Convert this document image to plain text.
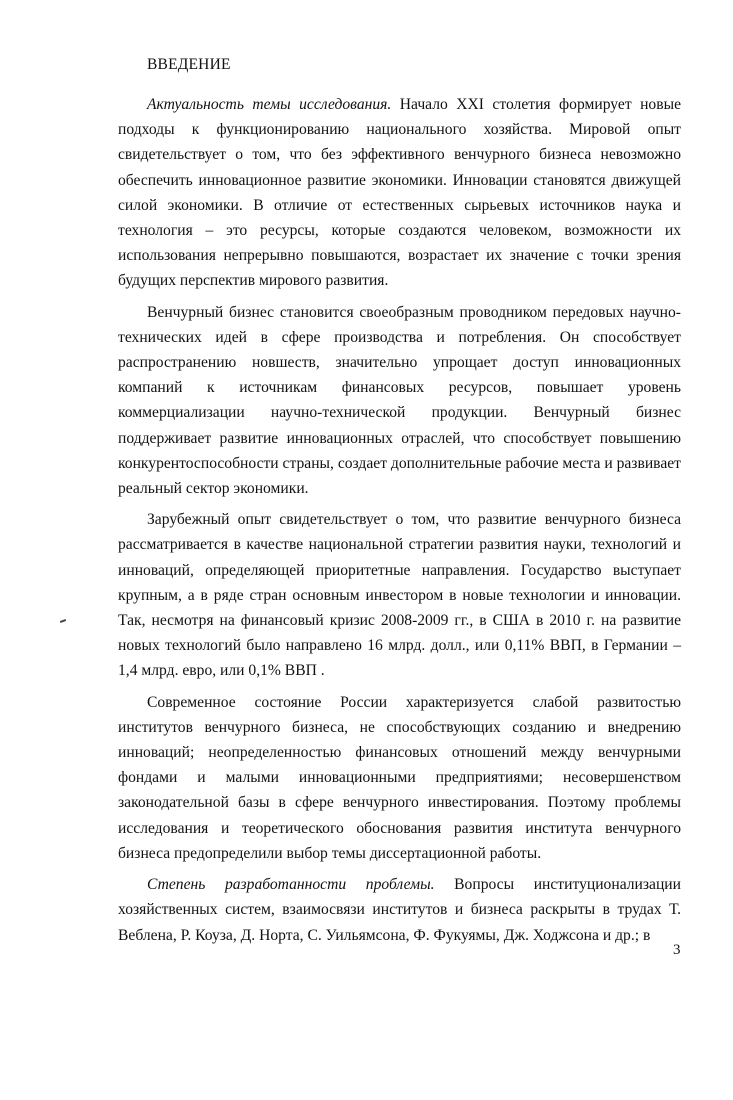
ВВЕДЕНИЕ

Актуальность темы исследования. Начало XXI столетия формирует новые подходы к функционированию национального хозяйства. Мировой опыт свидетельствует о том, что без эффективного венчурного бизнеса невозможно обеспечить инновационное развитие экономики. Инновации становятся движущей силой экономики. В отличие от естественных сырьевых источников наука и технология – это ресурсы, которые создаются человеком, возможности их использования непрерывно повышаются, возрастает их значение с точки зрения будущих перспектив мирового развития.

Венчурный бизнес становится своеобразным проводником передовых научно-технических идей в сфере производства и потребления. Он способствует распространению новшеств, значительно упрощает доступ инновационных компаний к источникам финансовых ресурсов, повышает уровень коммерциализации научно-технической продукции. Венчурный бизнес поддерживает развитие инновационных отраслей, что способствует повышению конкурентоспособности страны, создает дополнительные рабочие места и развивает реальный сектор экономики.

Зарубежный опыт свидетельствует о том, что развитие венчурного бизнеса рассматривается в качестве национальной стратегии развития науки, технологий и инноваций, определяющей приоритетные направления. Государство выступает крупным, а в ряде стран основным инвестором в новые технологии и инновации. Так, несмотря на финансовый кризис 2008-2009 гг., в США в 2010 г. на развитие новых технологий было направлено 16 млрд. долл., или 0,11% ВВП, в Германии – 1,4 млрд. евро, или 0,1% ВВП .

Современное состояние России характеризуется слабой развитостью институтов венчурного бизнеса, не способствующих созданию и внедрению инноваций; неопределенностью финансовых отношений между венчурными фондами и малыми инновационными предприятиями; несовершенством законодательной базы в сфере венчурного инвестирования. Поэтому проблемы исследования и теоретического обоснования развития института венчурного бизнеса предопределили выбор темы диссертационной работы.

Степень разработанности проблемы. Вопросы институционализации хозяйственных систем, взаимосвязи институтов и бизнеса раскрыты в трудах Т. Веблена, Р. Коуза, Д. Норта, С. Уильямсона, Ф. Фукуямы, Дж. Ходжсона и др.; в

3
